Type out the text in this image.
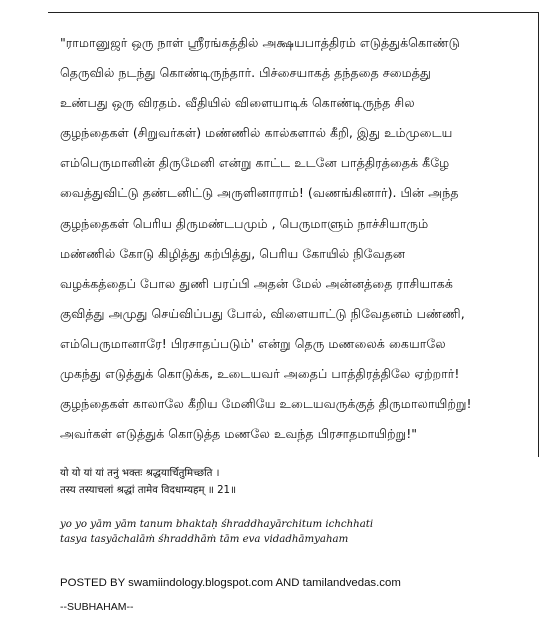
"ராமானுஜர் ஒரு நாள் ஸ்ரீரங்கத்தில் அக்ஷயபாத்திரம் எடுத்துக்கொண்டு
தெருவில் நடந்து கொண்டிருந்தார். பிச்சையாகத் தந்ததை சமைத்து
உண்பது ஒரு விரதம். வீதியில் விளையாடிக் கொண்டிருந்த சில
குழந்தைகள் (சிறுவர்கள்) மண்ணில் கால்களால் கீறி, இது உம்முடைய
எம்பெருமானின் திருமேனி என்று காட்ட உடனே பாத்திரத்தைக் கீழே
வைத்துவிட்டு தண்டனிட்டு அருளினாராம்! (வணங்கினார்). பின் அந்த
குழந்தைகள் பெரிய திருமண்டபமும் , பெருமாளும் நாச்சியாரும்
மண்ணில் கோடு கிழித்து கற்பித்து, பெரிய கோயில் நிவேதன
வழக்கத்தைப் போல துணி பரப்பி அதன் மேல் அன்னத்தை ராசியாகக்
குவித்து அமுது செய்விப்பது போல், விளையாட்டு நிவேதனம் பண்ணி,
எம்பெருமானாரே! பிரசாதப்படும்' என்று தெரு மணலைக் கையாலே
முகந்து எடுத்துக் கொடுக்க, உடையவர் அதைப் பாத்திரத்திலே ஏற்றார்!
குழந்தைகள் காலாலே கீறிய மேனியே உடையவருக்குத் திருமாலாயிற்று!
அவர்கள் எடுத்துக் கொடுத்த மணலே உவந்த பிரசாதமாயிற்று!"
यो यो यां यां तनुं भक्तः श्रद्धयार्चितुमिच्छति ।
तस्य तस्याचलां श्रद्धां तामेव विदधाम्यहम् ॥ 21॥
yo yo yām yām tanum bhaktaḥ śhraddhayārchitum ichchhati
tasya tasyāchalāṁ śhraddhāṁ tām eva vidadhāmyaham
POSTED BY swamiindology.blogspot.com AND tamilandvedas.com
--SUBHAHAM--
